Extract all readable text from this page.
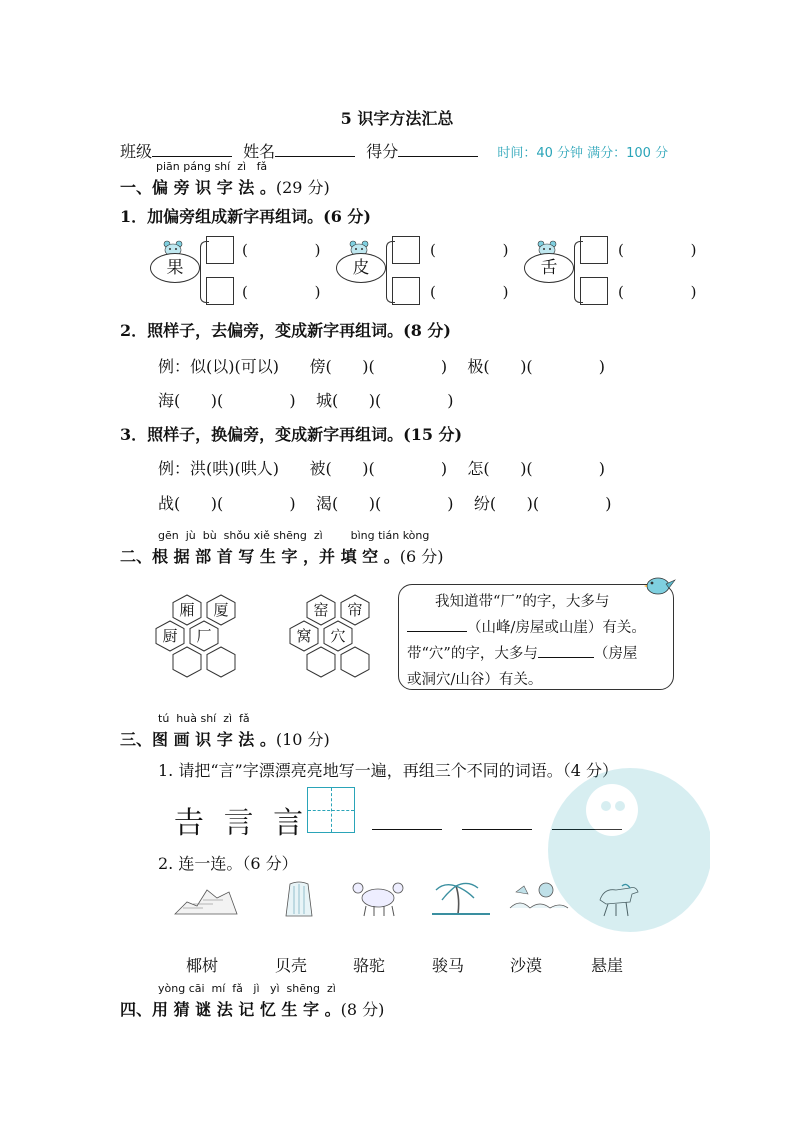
5 识字方法汇总
班级	姓名	得分	时间：40 分钟 满分：100 分
piān páng shí zì fǎ
一、偏 旁 识 字 法 。(29 分)
1．加偏旁组成新字再组词。(6 分)
果
(              )
(              )
皮
(              )
(              )
舌
(              )
(              )
2．照样子，去偏旁，变成新字再组词。(8 分)
例：似(以)(可以)      傍(      )(             )    极(      )(             )
海(      )(             )    城(      )(             )
3．照样子，换偏旁，变成新字再组词。(15 分)
例：洪(哄)(哄人)      被(      )(             )    怎(      )(             )
战(      )(             )    渴(      )(             )    纷(      )(             )
gēn  jù  bù  shǒu xiě shēng  zì        bìng tián kòng
二、根 据 部 首 写 生 字 ，并 填 空 。(6 分)
厢	厦
厨	厂
窑	帘
窝	穴
我知道带“厂”的字，大多与
（山峰/房屋或山崖）有关。
带“穴”的字，大多与	（房屋
或洞穴/山谷）有关。
tú  huà shí  zì  fǎ
三、图 画 识 字 法 。(10 分)
1. 请把“言”字漂漂亮亮地写一遍，再组三个不同的词语。（4 分）
𠮷 𧥛 言
2. 连一连。（6 分）
椰树	贝壳	骆驼	骏马	沙漠	悬崖
yòng cāi  mí  fǎ   jì   yì  shēng  zì
四、用 猜 谜 法 记 忆 生 字 。(8 分)
